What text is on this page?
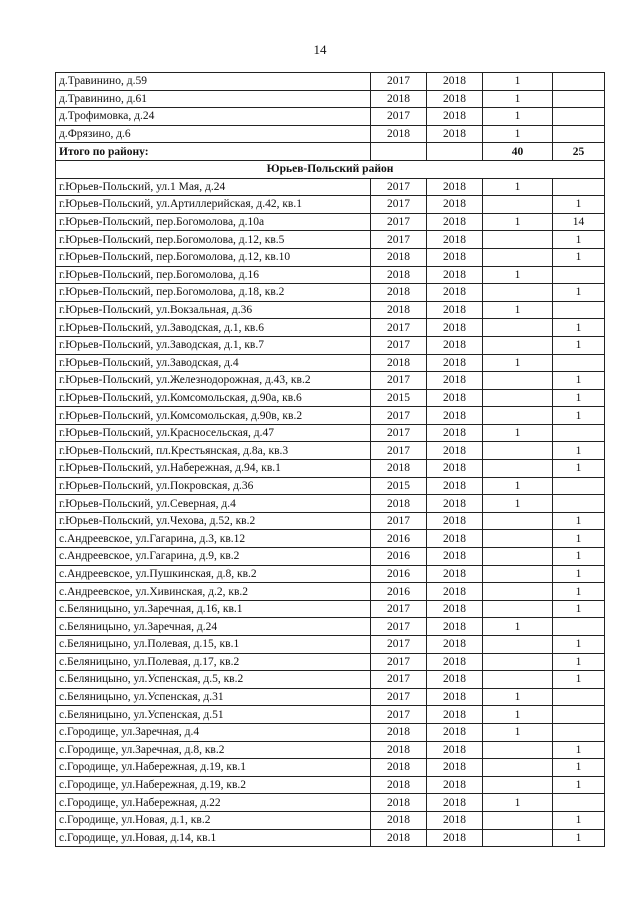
14
д.Травинино, д.59	2017	2018	1	
д.Травинино, д.61	2018	2018	1	
д.Трофимовка, д.24	2017	2018	1	
д.Фрязино, д.6	2018	2018	1	
Итого по району:			40	25
Юрьев-Польский район				
г.Юрьев-Польский, ул.1 Мая, д.24	2017	2018	1	
г.Юрьев-Польский, ул.Артиллерийская, д.42, кв.1	2017	2018		1
г.Юрьев-Польский, пер.Богомолова, д.10а	2017	2018	1	14
г.Юрьев-Польский, пер.Богомолова, д.12, кв.5	2017	2018		1
г.Юрьев-Польский, пер.Богомолова, д.12, кв.10	2018	2018		1
г.Юрьев-Польский, пер.Богомолова, д.16	2018	2018	1	
г.Юрьев-Польский, пер.Богомолова, д.18, кв.2	2018	2018		1
г.Юрьев-Польский, ул.Вокзальная, д.36	2018	2018	1	
г.Юрьев-Польский, ул.Заводская, д.1, кв.6	2017	2018		1
г.Юрьев-Польский, ул.Заводская, д.1, кв.7	2017	2018		1
г.Юрьев-Польский, ул.Заводская, д.4	2018	2018	1	
г.Юрьев-Польский, ул.Железнодорожная, д.43, кв.2	2017	2018		1
г.Юрьев-Польский, ул.Комсомольская, д.90а, кв.6	2015	2018		1
г.Юрьев-Польский, ул.Комсомольская, д.90в, кв.2	2017	2018		1
г.Юрьев-Польский, ул.Красносельская, д.47	2017	2018	1	
г.Юрьев-Польский, пл.Крестьянская, д.8а, кв.3	2017	2018		1
г.Юрьев-Польский, ул.Набережная, д.94, кв.1	2018	2018		1
г.Юрьев-Польский, ул.Покровская, д.36	2015	2018	1	
г.Юрьев-Польский, ул.Северная, д.4	2018	2018	1	
г.Юрьев-Польский, ул.Чехова, д.52, кв.2	2017	2018		1
с.Андреевское, ул.Гагарина, д.3, кв.12	2016	2018		1
с.Андреевское, ул.Гагарина, д.9, кв.2	2016	2018		1
с.Андреевское, ул.Пушкинская, д.8, кв.2	2016	2018		1
с.Андреевское, ул.Хивинская, д.2, кв.2	2016	2018		1
с.Беляницыно, ул.Заречная, д.16, кв.1	2017	2018		1
с.Беляницыно, ул.Заречная, д.24	2017	2018	1	
с.Беляницыно, ул.Полевая, д.15, кв.1	2017	2018		1
с.Беляницыно, ул.Полевая, д.17, кв.2	2017	2018		1
с.Беляницыно, ул.Успенская, д.5, кв.2	2017	2018		1
с.Беляницыно, ул.Успенская, д.31	2017	2018	1	
с.Беляницыно, ул.Успенская, д.51	2017	2018	1	
с.Городище, ул.Заречная, д.4	2018	2018	1	
с.Городище, ул.Заречная, д.8, кв.2	2018	2018		1
с.Городище, ул.Набережная, д.19, кв.1	2018	2018		1
с.Городище, ул.Набережная, д.19, кв.2	2018	2018		1
с.Городище, ул.Набережная, д.22	2018	2018	1	
с.Городище, ул.Новая, д.1, кв.2	2018	2018		1
с.Городище, ул.Новая, д.14, кв.1	2018	2018		1
